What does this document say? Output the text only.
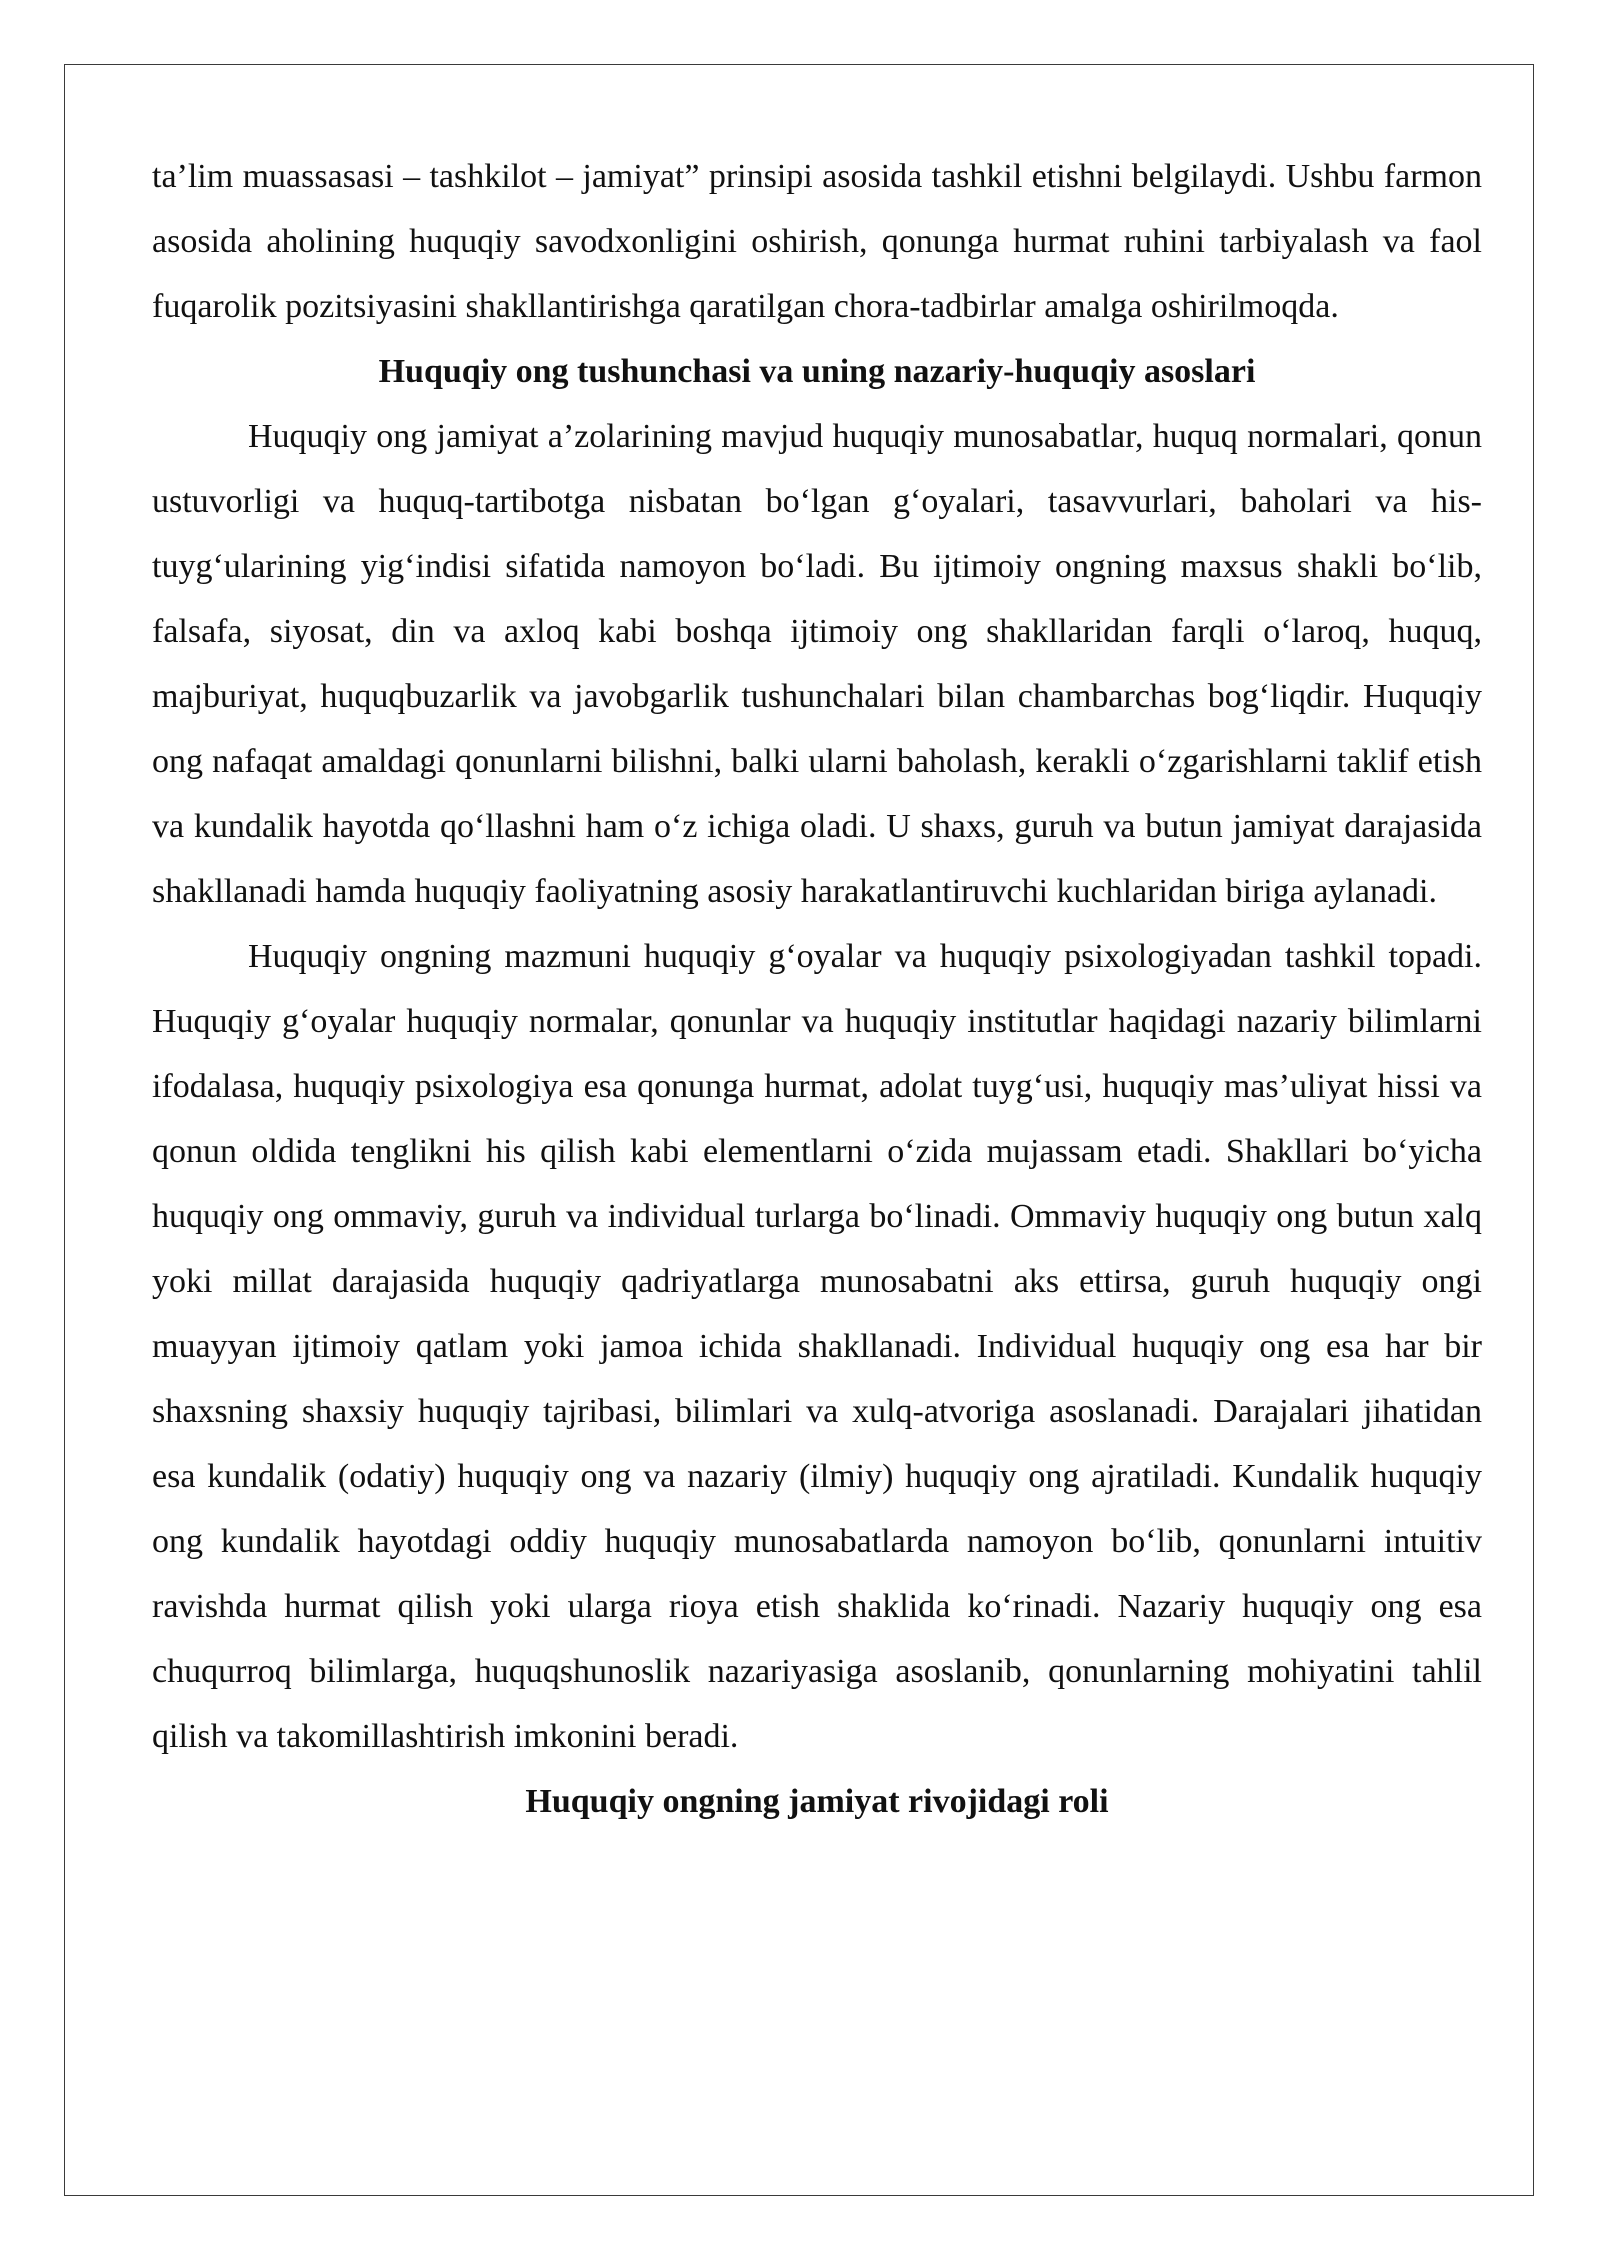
ta’lim muassasasi – tashkilot – jamiyat” prinsipi asosida tashkil etishni belgilaydi. Ushbu farmon asosida aholining huquqiy savodxonligini oshirish, qonunga hurmat ruhini tarbiyalash va faol fuqarolik pozitsiyasini shakllantirishga qaratilgan chora-tadbirlar amalga oshirilmoqda.

Huquqiy ong tushunchasi va uning nazariy-huquqiy asoslari

Huquqiy ong jamiyat a’zolarining mavjud huquqiy munosabatlar, huquq normalari, qonun ustuvorligi va huquq-tartibotga nisbatan bo‘lgan g‘oyalari, tasavvurlari, baholari va his-tuyg‘ularining yig‘indisi sifatida namoyon bo‘ladi. Bu ijtimoiy ongning maxsus shakli bo‘lib, falsafa, siyosat, din va axloq kabi boshqa ijtimoiy ong shakllaridan farqli o‘laroq, huquq, majburiyat, huquqbuzarlik va javobgarlik tushunchalari bilan chambarchas bog‘liqdir. Huquqiy ong nafaqat amaldagi qonunlarni bilishni, balki ularni baholash, kerakli o‘zgarishlarni taklif etish va kundalik hayotda qo‘llashni ham o‘z ichiga oladi. U shaxs, guruh va butun jamiyat darajasida shakllanadi hamda huquqiy faoliyatning asosiy harakatlantiruvchi kuchlaridan biriga aylanadi.

Huquqiy ongning mazmuni huquqiy g‘oyalar va huquqiy psixologiyadan tashkil topadi. Huquqiy g‘oyalar huquqiy normalar, qonunlar va huquqiy institutlar haqidagi nazariy bilimlarni ifodalasa, huquqiy psixologiya esa qonunga hurmat, adolat tuyg‘usi, huquqiy mas’uliyat hissi va qonun oldida tenglikni his qilish kabi elementlarni o‘zida mujassam etadi. Shakllari bo‘yicha huquqiy ong ommaviy, guruh va individual turlarga bo‘linadi. Ommaviy huquqiy ong butun xalq yoki millat darajasida huquqiy qadriyatlarga munosabatni aks ettirsa, guruh huquqiy ongi muayyan ijtimoiy qatlam yoki jamoa ichida shakllanadi. Individual huquqiy ong esa har bir shaxsning shaxsiy huquqiy tajribasi, bilimlari va xulq-atvoriga asoslanadi. Darajalari jihatidan esa kundalik (odatiy) huquqiy ong va nazariy (ilmiy) huquqiy ong ajratiladi. Kundalik huquqiy ong kundalik hayotdagi oddiy huquqiy munosabatlarda namoyon bo‘lib, qonunlarni intuitiv ravishda hurmat qilish yoki ularga rioya etish shaklida ko‘rinadi. Nazariy huquqiy ong esa chuqurroq bilimlarga, huquqshunoslik nazariyasiga asoslanib, qonunlarning mohiyatini tahlil qilish va takomillashtirish imkonini beradi.

Huquqiy ongning jamiyat rivojidagi roli
